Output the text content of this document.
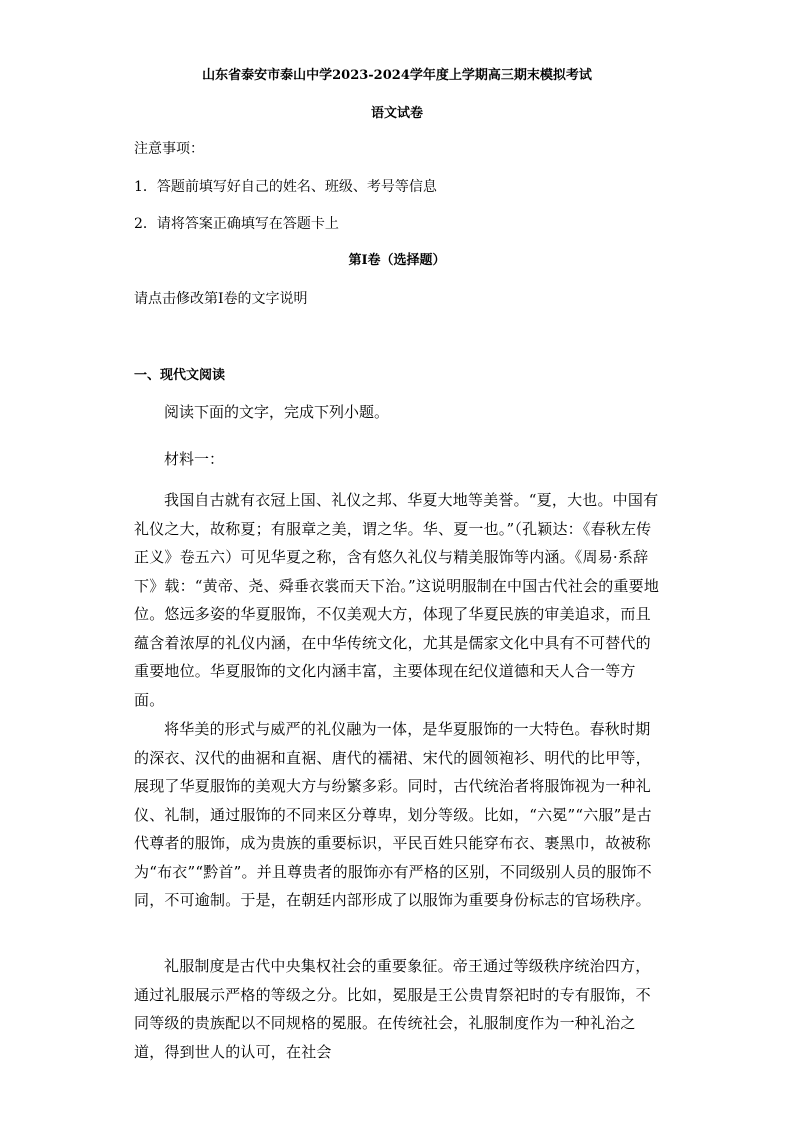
山东省泰安市泰山中学2023-2024学年度上学期高三期末模拟考试
语文试卷
注意事项：
1．答题前填写好自己的姓名、班级、考号等信息
2．请将答案正确填写在答题卡上
第I卷（选择题）
请点击修改第I卷的文字说明
一、现代文阅读
阅读下面的文字，完成下列小题。
材料一：

我国自古就有衣冠上国、礼仪之邦、华夏大地等美誉。“夏，大也。中国有礼仪之大，故称夏；有服章之美，谓之华。华、夏一也。”（孔颖达：《春秋左传正义》卷五六）可见华夏之称，含有悠久礼仪与精美服饰等内涵。《周易·系辞下》载：“黄帝、尧、舜垂衣裳而天下治。”这说明服制在中国古代社会的重要地位。悠远多姿的华夏服饰，不仅美观大方，体现了华夏民族的审美追求，而且蕴含着浓厚的礼仪内涵，在中华传统文化，尤其是儒家文化中具有不可替代的重要地位。华夏服饰的文化内涵丰富，主要体现在纪仪道德和天人合一等方面。

将华美的形式与威严的礼仪融为一体，是华夏服饰的一大特色。春秋时期的深衣、汉代的曲裾和直裾、唐代的襦裙、宋代的圆领袍衫、明代的比甲等，展现了华夏服饰的美观大方与纷繁多彩。同时，古代统治者将服饰视为一种礼仪、礼制，通过服饰的不同来区分尊卑，划分等级。比如，“六冕”“六服”是古代尊者的服饰，成为贵族的重要标识，平民百姓只能穿布衣、裹黑巾，故被称为“布衣”“黔首”。并且尊贵者的服饰亦有严格的区别，不同级别人员的服饰不同，不可逾制。于是，在朝廷内部形成了以服饰为重要身份标志的官场秩序。

礼服制度是古代中央集权社会的重要象征。帝王通过等级秩序统治四方，通过礼服展示严格的等级之分。比如，冕服是王公贵胄祭祀时的专有服饰，不同等级的贵族配以不同规格的冕服。在传统社会，礼服制度作为一种礼治之道，得到世人的认可，在社会
